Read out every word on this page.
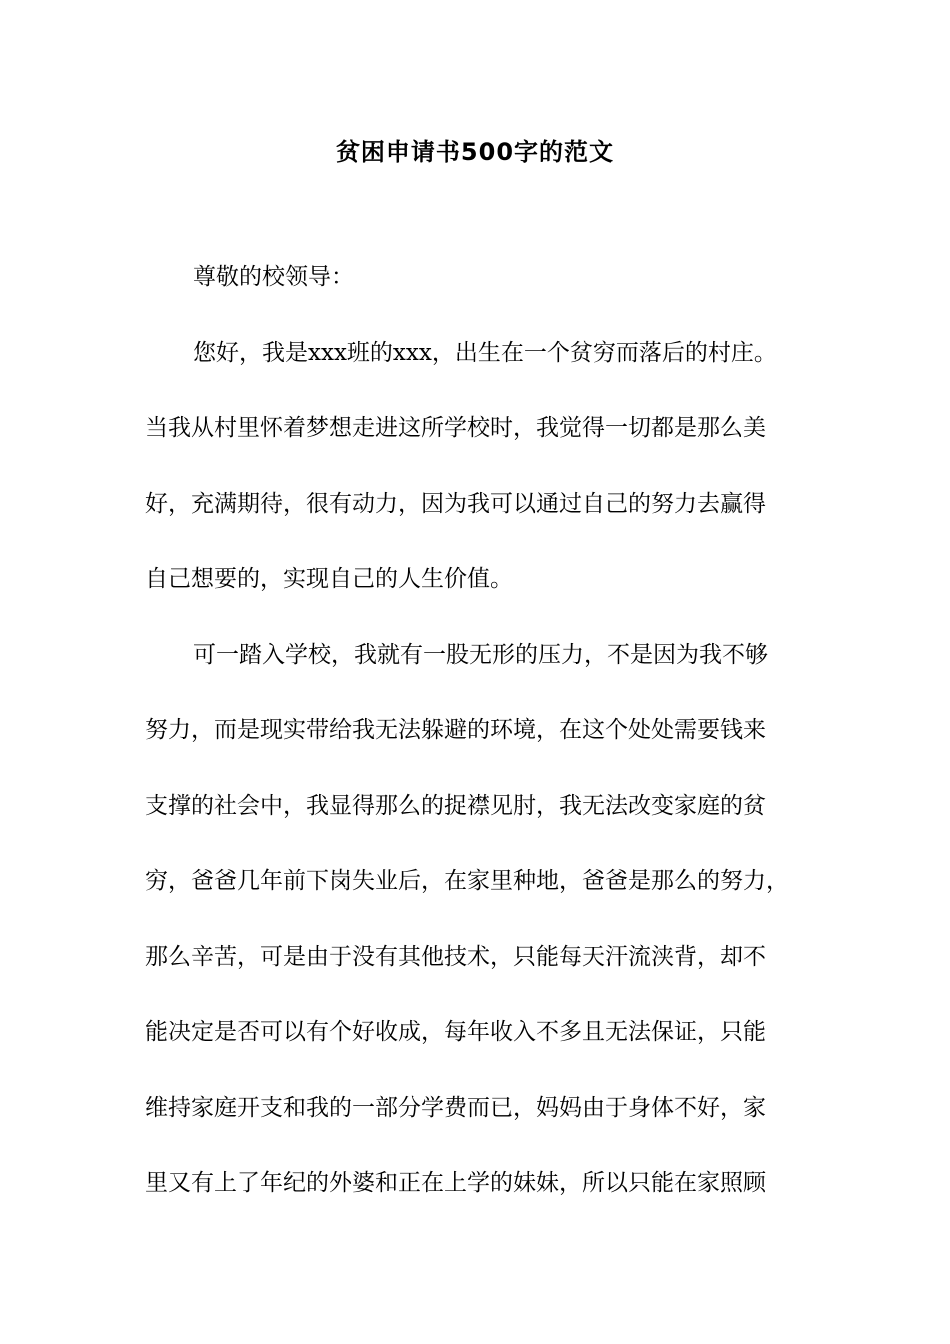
贫困申请书500字的范文
尊敬的校领导：
您好，我是xxx班的xxx，出生在一个贫穷而落后的村庄。
当我从村里怀着梦想走进这所学校时，我觉得一切都是那么美
好，充满期待，很有动力，因为我可以通过自己的努力去赢得
自己想要的，实现自己的人生价值。
可一踏入学校，我就有一股无形的压力，不是因为我不够
努力，而是现实带给我无法躲避的环境，在这个处处需要钱来
支撑的社会中，我显得那么的捉襟见肘，我无法改变家庭的贫
穷，爸爸几年前下岗失业后，在家里种地，爸爸是那么的努力，
那么辛苦，可是由于没有其他技术，只能每天汗流浃背，却不
能决定是否可以有个好收成，每年收入不多且无法保证，只能
维持家庭开支和我的一部分学费而已，妈妈由于身体不好，家
里又有上了年纪的外婆和正在上学的妹妹，所以只能在家照顾
